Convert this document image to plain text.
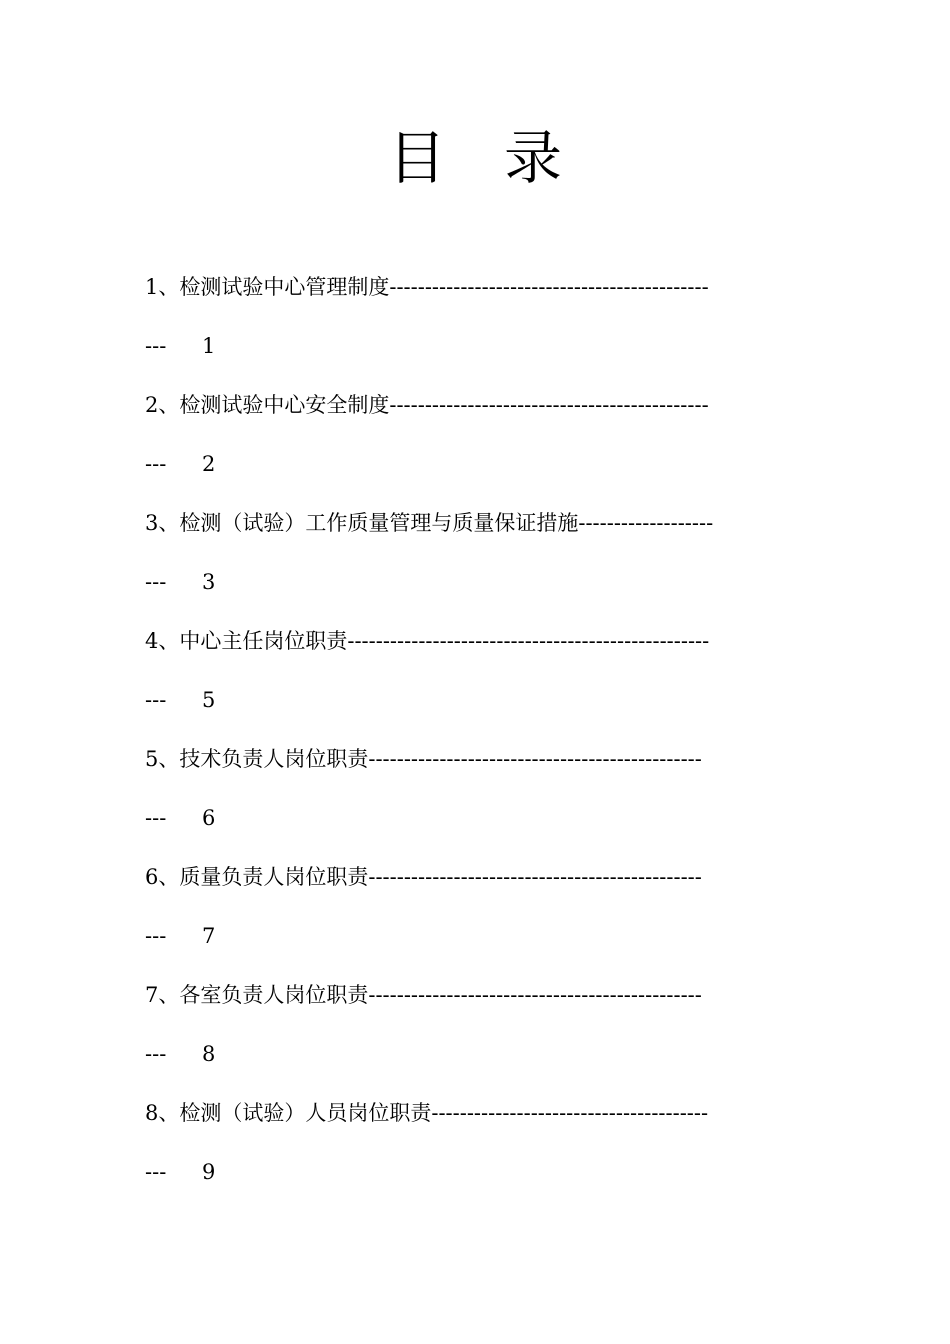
目　录
1、检测试验中心管理制度---------------------------------------------
--- 1
2、检测试验中心安全制度---------------------------------------------
--- 2
3、检测（试验）工作质量管理与质量保证措施-------------------
--- 3
4、中心主任岗位职责---------------------------------------------------
--- 5
5、技术负责人岗位职责-----------------------------------------------
--- 6
6、质量负责人岗位职责-----------------------------------------------
--- 7
7、各室负责人岗位职责-----------------------------------------------
--- 8
8、检测（试验）人员岗位职责---------------------------------------
--- 9
